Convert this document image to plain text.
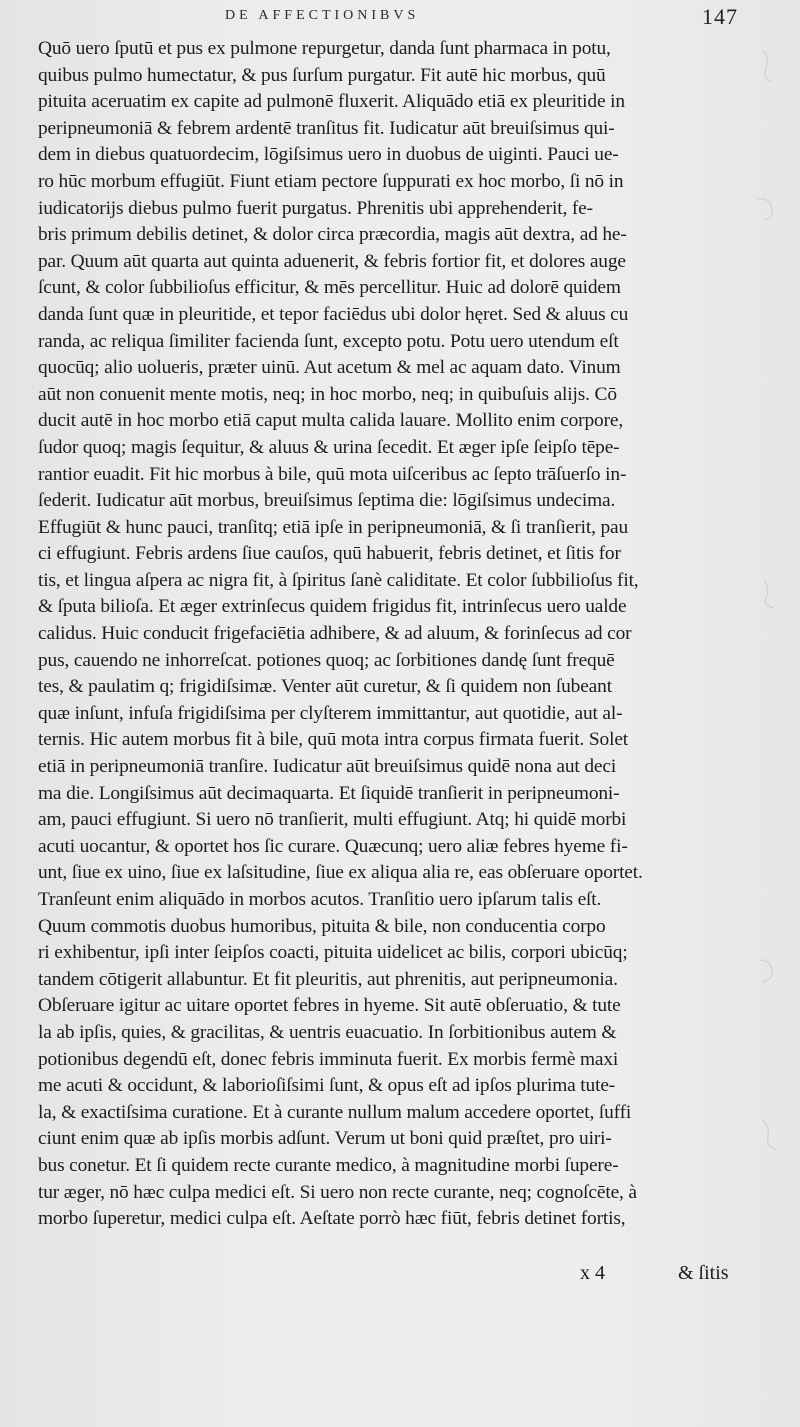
DE AFFECTIONIBVS	147
Quō uero ſputū et pus ex pulmone repurgetur, danda ſunt pharmaca in potu,
quibus pulmo humectatur, & pus ſurſum purgatur. Fit autē hic morbus, quū
pituita aceruatim ex capite ad pulmonē fluxerit. Aliquādo etiā ex pleuritide in
peripneumoniā & febrem ardentē tranſitus fit. Iudicatur aūt breuiſsimus qui-
dem in diebus quatuordecim, lōgiſsimus uero in duobus de uiginti. Pauci ue-
ro hūc morbum effugiūt. Fiunt etiam pectore ſuppurati ex hoc morbo, ſi nō in
iudicatorijs diebus pulmo fuerit purgatus. Phrenitis ubi apprehenderit, fe-
bris primum debilis detinet, & dolor circa præcordia, magis aūt dextra, ad he-
par. Quum aūt quarta aut quinta aduenerit, & febris fortior fit, et dolores auge
ſcunt, & color ſubbilioſus efficitur, & mēs percellitur. Huic ad dolorē quidem
danda ſunt quæ in pleuritide, et tepor faciēdus ubi dolor hęret. Sed & aluus cu
randa, ac reliqua ſimiliter facienda ſunt, excepto potu. Potu uero utendum eſt
quocūq; alio uolueris, præter uinū. Aut acetum & mel ac aquam dato. Vinum
aūt non conuenit mente motis, neq; in hoc morbo, neq; in quibuſuis alijs. Cō
ducit autē in hoc morbo etiā caput multa calida lauare. Mollito enim corpore,
ſudor quoq; magis ſequitur, & aluus & urina ſecedit. Et æger ipſe ſeipſo tēpe-
rantior euadit. Fit hic morbus à bile, quū mota uiſceribus ac ſepto trāſuerſo in-
ſederit. Iudicatur aūt morbus, breuiſsimus ſeptima die: lōgiſsimus undecima.
Effugiūt & hunc pauci, tranſitq; etiā ipſe in peripneumoniā, & ſi tranſierit, pau
ci effugiunt. Febris ardens ſiue cauſos, quū habuerit, febris detinet, et ſitis for
tis, et lingua aſpera ac nigra fit, à ſpiritus ſanè caliditate. Et color ſubbilioſus fit,
& ſputa bilioſa. Et æger extrinſecus quidem frigidus fit, intrinſecus uero ualde
calidus. Huic conducit frigefaciētia adhibere, & ad aluum, & forinſecus ad cor
pus, cauendo ne inhorreſcat. potiones quoq; ac ſorbitiones dandę ſunt frequē
tes, & paulatim q; frigidiſsimæ. Venter aūt curetur, & ſi quidem non ſubeant
quæ inſunt, infuſa frigidiſsima per clyſterem immittantur, aut quotidie, aut al-
ternis. Hic autem morbus fit à bile, quū mota intra corpus firmata fuerit. Solet
etiā in peripneumoniā tranſire. Iudicatur aūt breuiſsimus quidē nona aut deci
ma die. Longiſsimus aūt decimaquarta. Et ſiquidē tranſierit in peripneumoni-
am, pauci effugiunt. Si uero nō tranſierit, multi effugiunt. Atq; hi quidē morbi
acuti uocantur, & oportet hos ſic curare. Quæcunq; uero aliæ febres hyeme fi-
unt, ſiue ex uino, ſiue ex laſsitudine, ſiue ex aliqua alia re, eas obſeruare oportet.
Tranſeunt enim aliquādo in morbos acutos. Tranſitio uero ipſarum talis eſt.
Quum commotis duobus humoribus, pituita & bile, non conducentia corpo
ri exhibentur, ipſi inter ſeipſos coacti, pituita uidelicet ac bilis, corpori ubicūq;
tandem cōtigerit allabuntur. Et fit pleuritis, aut phrenitis, aut peripneumonia.
Obſeruare igitur ac uitare oportet febres in hyeme. Sit autē obſeruatio, & tute
la ab ipſis, quies, & gracilitas, & uentris euacuatio. In ſorbitionibus autem &
potionibus degendū eſt, donec febris imminuta fuerit. Ex morbis fermè maxi
me acuti & occidunt, & laborioſiſsimi ſunt, & opus eſt ad ipſos plurima tute-
la, & exactiſsima curatione. Et à curante nullum malum accedere oportet, ſuffi
ciunt enim quæ ab ipſis morbis adſunt. Verum ut boni quid præſtet, pro uiri-
bus conetur. Et ſi quidem recte curante medico, à magnitudine morbi ſupere-
tur æger, nō hæc culpa medici eſt. Si uero non recte curante, neq; cognoſcēte, à
morbo ſuperetur, medici culpa eſt. Aeſtate porrò hæc fiūt, febris detinet fortis,
x 4	& ſitis
